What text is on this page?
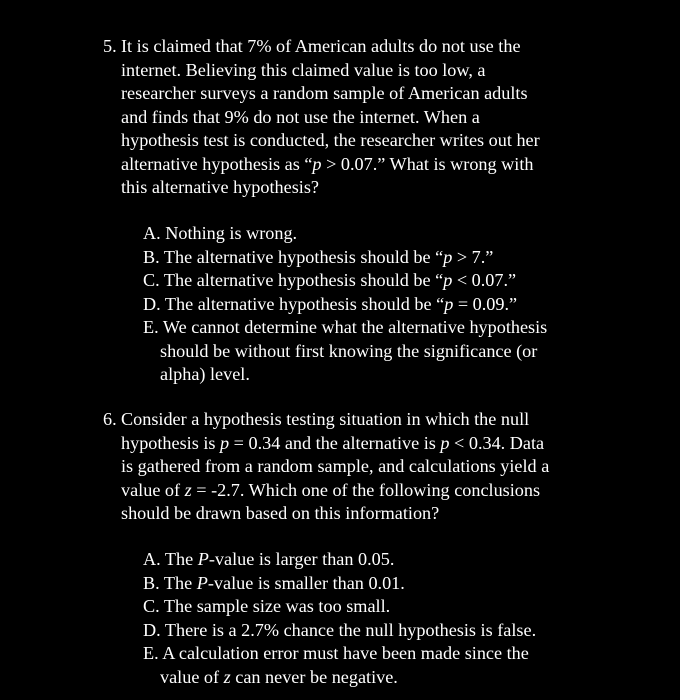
5. It is claimed that 7% of American adults do not use the
internet. Believing this claimed value is too low, a
researcher surveys a random sample of American adults
and finds that 9% do not use the internet. When a
hypothesis test is conducted, the researcher writes out her
alternative hypothesis as “p > 0.07.” What is wrong with
this alternative hypothesis?

A. Nothing is wrong.
B. The alternative hypothesis should be “p > 7.”
C. The alternative hypothesis should be “p < 0.07.”
D. The alternative hypothesis should be “p = 0.09.”
E. We cannot determine what the alternative hypothesis
should be without first knowing the significance (or
alpha) level.
6. Consider a hypothesis testing situation in which the null
hypothesis is p = 0.34 and the alternative is p < 0.34. Data
is gathered from a random sample, and calculations yield a
value of z = -2.7. Which one of the following conclusions
should be drawn based on this information?

A. The P-value is larger than 0.05.
B. The P-value is smaller than 0.01.
C. The sample size was too small.
D. There is a 2.7% chance the null hypothesis is false.
E. A calculation error must have been made since the
value of z can never be negative.
